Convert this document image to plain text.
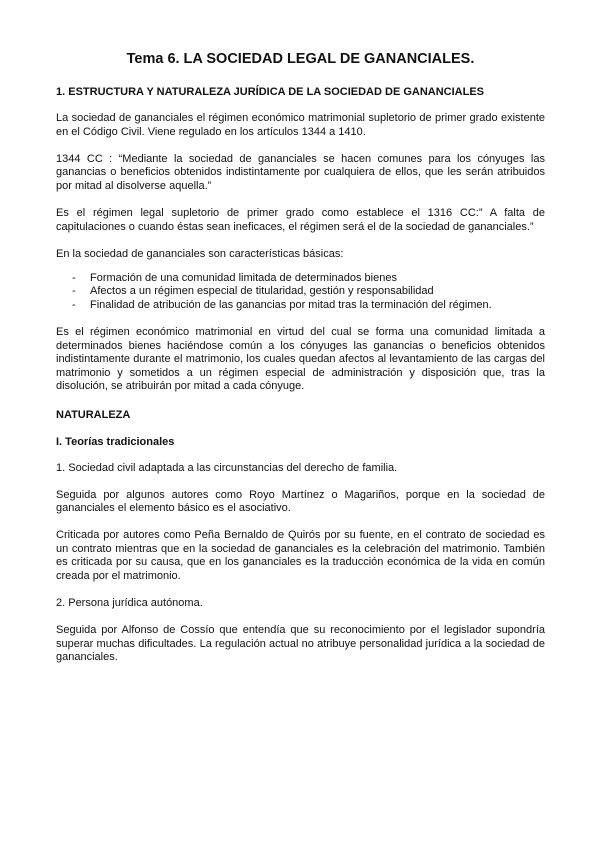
Tema 6. LA SOCIEDAD LEGAL DE GANANCIALES.
1. ESTRUCTURA Y NATURALEZA JURÍDICA DE LA SOCIEDAD DE GANANCIALES

La sociedad de gananciales el régimen económico matrimonial supletorio de primer grado existente en el Código Civil. Viene regulado en los artículos 1344 a 1410.

1344 CC : “Mediante la sociedad de gananciales se hacen comunes para los cónyuges las ganancias o beneficios obtenidos indistintamente por cualquiera de ellos, que les serán atribuidos por mitad al disolverse aquella.”

Es el régimen legal supletorio de primer grado como establece el 1316 CC:” A falta de capitulaciones o cuando éstas sean ineficaces, el régimen será el de la sociedad de gananciales.”

En la sociedad de gananciales son características básicas:

- Formación de una comunidad limitada de determinados bienes
- Afectos a un régimen especial de titularidad, gestión y responsabilidad
- Finalidad de atribución de las ganancias por mitad tras la terminación del régimen.

Es el régimen económico matrimonial en virtud del cual se forma una comunidad limitada a determinados bienes haciéndose común a los cónyuges las ganancias o beneficios obtenidos indistintamente durante el matrimonio, los cuales quedan afectos al levantamiento de las cargas del matrimonio y sometidos a un régimen especial de administración y disposición que, tras la disolución, se atribuirán por mitad a cada cónyuge.

NATURALEZA
I. Teorías tradicionales

1. Sociedad civil adaptada a las circunstancias del derecho de familia.

Seguida por algunos autores como Royo Martínez o Magariños, porque en la sociedad de gananciales el elemento básico es el asociativo.

Criticada por autores como Peña Bernaldo de Quirós por su fuente, en el contrato de sociedad es un contrato mientras que en la sociedad de gananciales es la celebración del matrimonio. También es criticada por su causa, que en los gananciales es la traducción económica de la vida en común creada por el matrimonio.

2. Persona jurídica autónoma.

Seguida por Alfonso de Cossío que entendía que su reconocimiento por el legislador supondría superar muchas dificultades. La regulación actual no atribuye personalidad jurídica a la sociedad de gananciales.
